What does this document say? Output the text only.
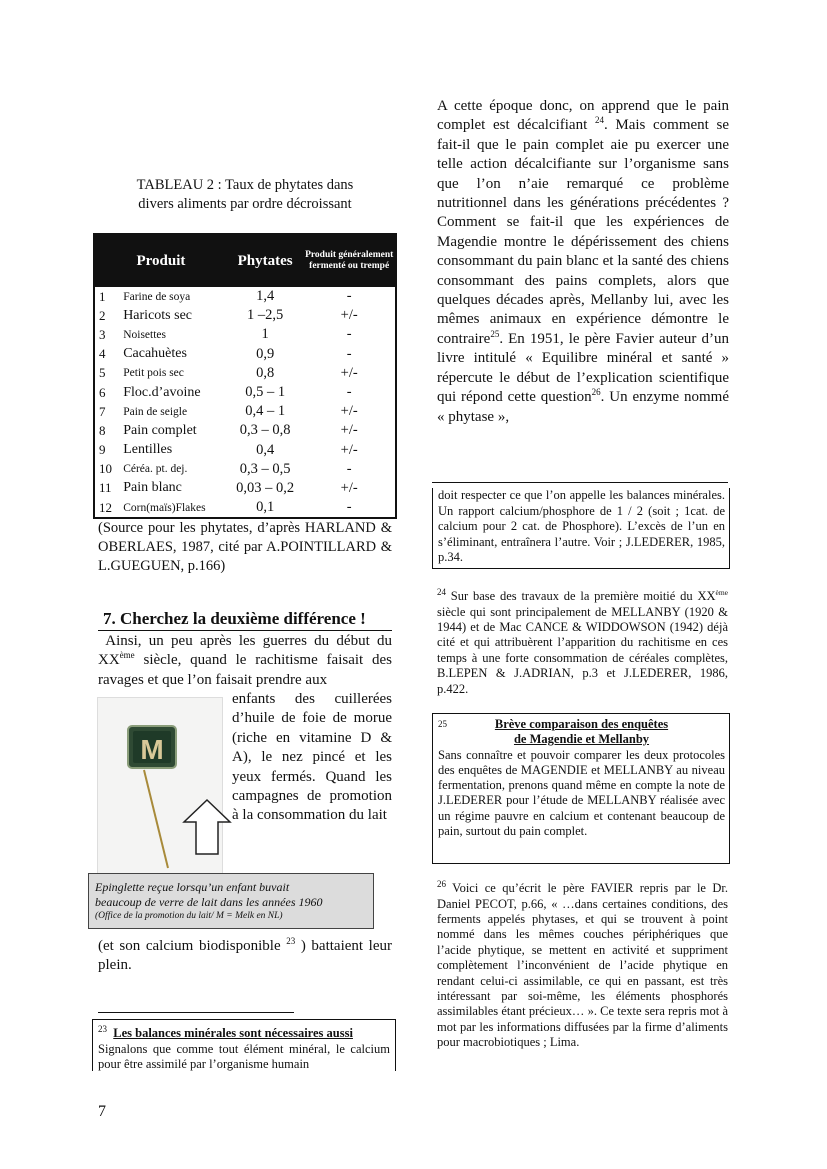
TABLEAU 2 : Taux de phytates dans
divers aliments par ordre décroissant
Produit		Phytates	Produit généralement fermenté ou trempé
1	Farine de soya	1,4	-
2	Haricots sec	1 –2,5	+/-
3	Noisettes	1	-
4	Cacahuètes	0,9	-
5	Petit pois sec	0,8	+/-
6	Floc.d’avoine	0,5 – 1	-
7	Pain de seigle	0,4 – 1	+/-
8	Pain complet	0,3 – 0,8	+/-
9	Lentilles	0,4	+/-
10	Céréa. pt. dej.	0,3 – 0,5	-
11	Pain blanc	0,03 – 0,2	+/-
12	Corn(maïs)Flakes	0,1	-
(Source pour les phytates, d’après HARLAND & OBERLAES, 1987, cité par A.POINTILLARD & L.GUEGUEN, p.166)
7. Cherchez la deuxième différence !
Ainsi, un peu après les guerres du début du XXème siècle, quand le rachitisme faisait des ravages et que l’on faisait prendre aux
M
enfants des cuillerées d’huile de foie de morue (riche en vitamine D & A), le nez pincé et les yeux fermés. Quand les campagnes de promotion à la consommation du lait
Epinglette reçue lorsqu’un enfant buvait
beaucoup de verre de lait dans les années 1960
(Office de la promotion du lait/ M = Melk en NL)
(et son calcium biodisponible $^{23}$ ) battaient leur plein.
$^{23}$ Les balances minérales sont nécessaires aussi
Signalons que comme tout élément minéral, le calcium pour être assimilé par l’organisme humain
7
A cette époque donc, on apprend que le pain complet est décalcifiant $^{24}$. Mais comment se fait-il que le pain complet aie pu exercer une telle action décalcifiante sur l’organisme sans que l’on n’aie remarqué ce problème nutritionnel dans les générations précédentes ? Comment se fait-il que les expériences de Magendie montre le dépérissement des chiens consommant du pain blanc et la santé des chiens consommant des pains complets, alors que quelques décades après, Mellanby lui, avec les mêmes animaux en expérience démontre le contraire$^{25}$. En 1951, le père Favier auteur d’un livre intitulé « Equilibre minéral et santé » répercute le début de l’explication scientifique qui répond cette question$^{26}$. Un enzyme nommé « phytase »,
doit respecter ce que l’on appelle les balances minérales. Un rapport calcium/phosphore de 1 / 2 (soit ; 1cat. de calcium pour 2 cat. de Phosphore). L’excès de l’un en s’éliminant, entraînera l’autre. Voir ; J.LEDERER, 1985, p.34.
$^{24}$ Sur base des travaux de la première moitié du XXème siècle qui sont principalement de MELLANBY (1920 & 1944) et de Mac CANCE & WIDDOWSON (1942) déjà cité et qui attribuèrent l’apparition du rachitisme en ces temps à une forte consommation de céréales complètes, B.LEPEN & J.ADRIAN, p.3 et J.LEDERER, 1986, p.422.
25	Brève comparaison des enquêtes
de Magendie et Mellanby
Sans connaître et pouvoir comparer les deux protocoles des enquêtes de MAGENDIE et MELLANBY au niveau fermentation, prenons quand même en compte la note de J.LEDERER pour l’étude de MELLANBY réalisée avec un régime pauvre en calcium et contenant beaucoup de pain, surtout du pain complet.
$^{26}$ Voici ce qu’écrit le père FAVIER repris par le Dr. Daniel PECOT, p.66, « …dans certaines conditions, des ferments appelés phytases, et qui se trouvent à point nommé dans les mêmes couches périphériques que l’acide phytique, se mettent en activité et suppriment complètement l’inconvénient de l’acide phytique en rendant celui-ci assimilable, ce qui en passant, est très intéressant par soi-même, les éléments phosphorés assimilables étant précieux… ». Ce texte sera repris mot à mot par les informations diffusées par la firme d’aliments pour macrobiotiques ; Lima.
